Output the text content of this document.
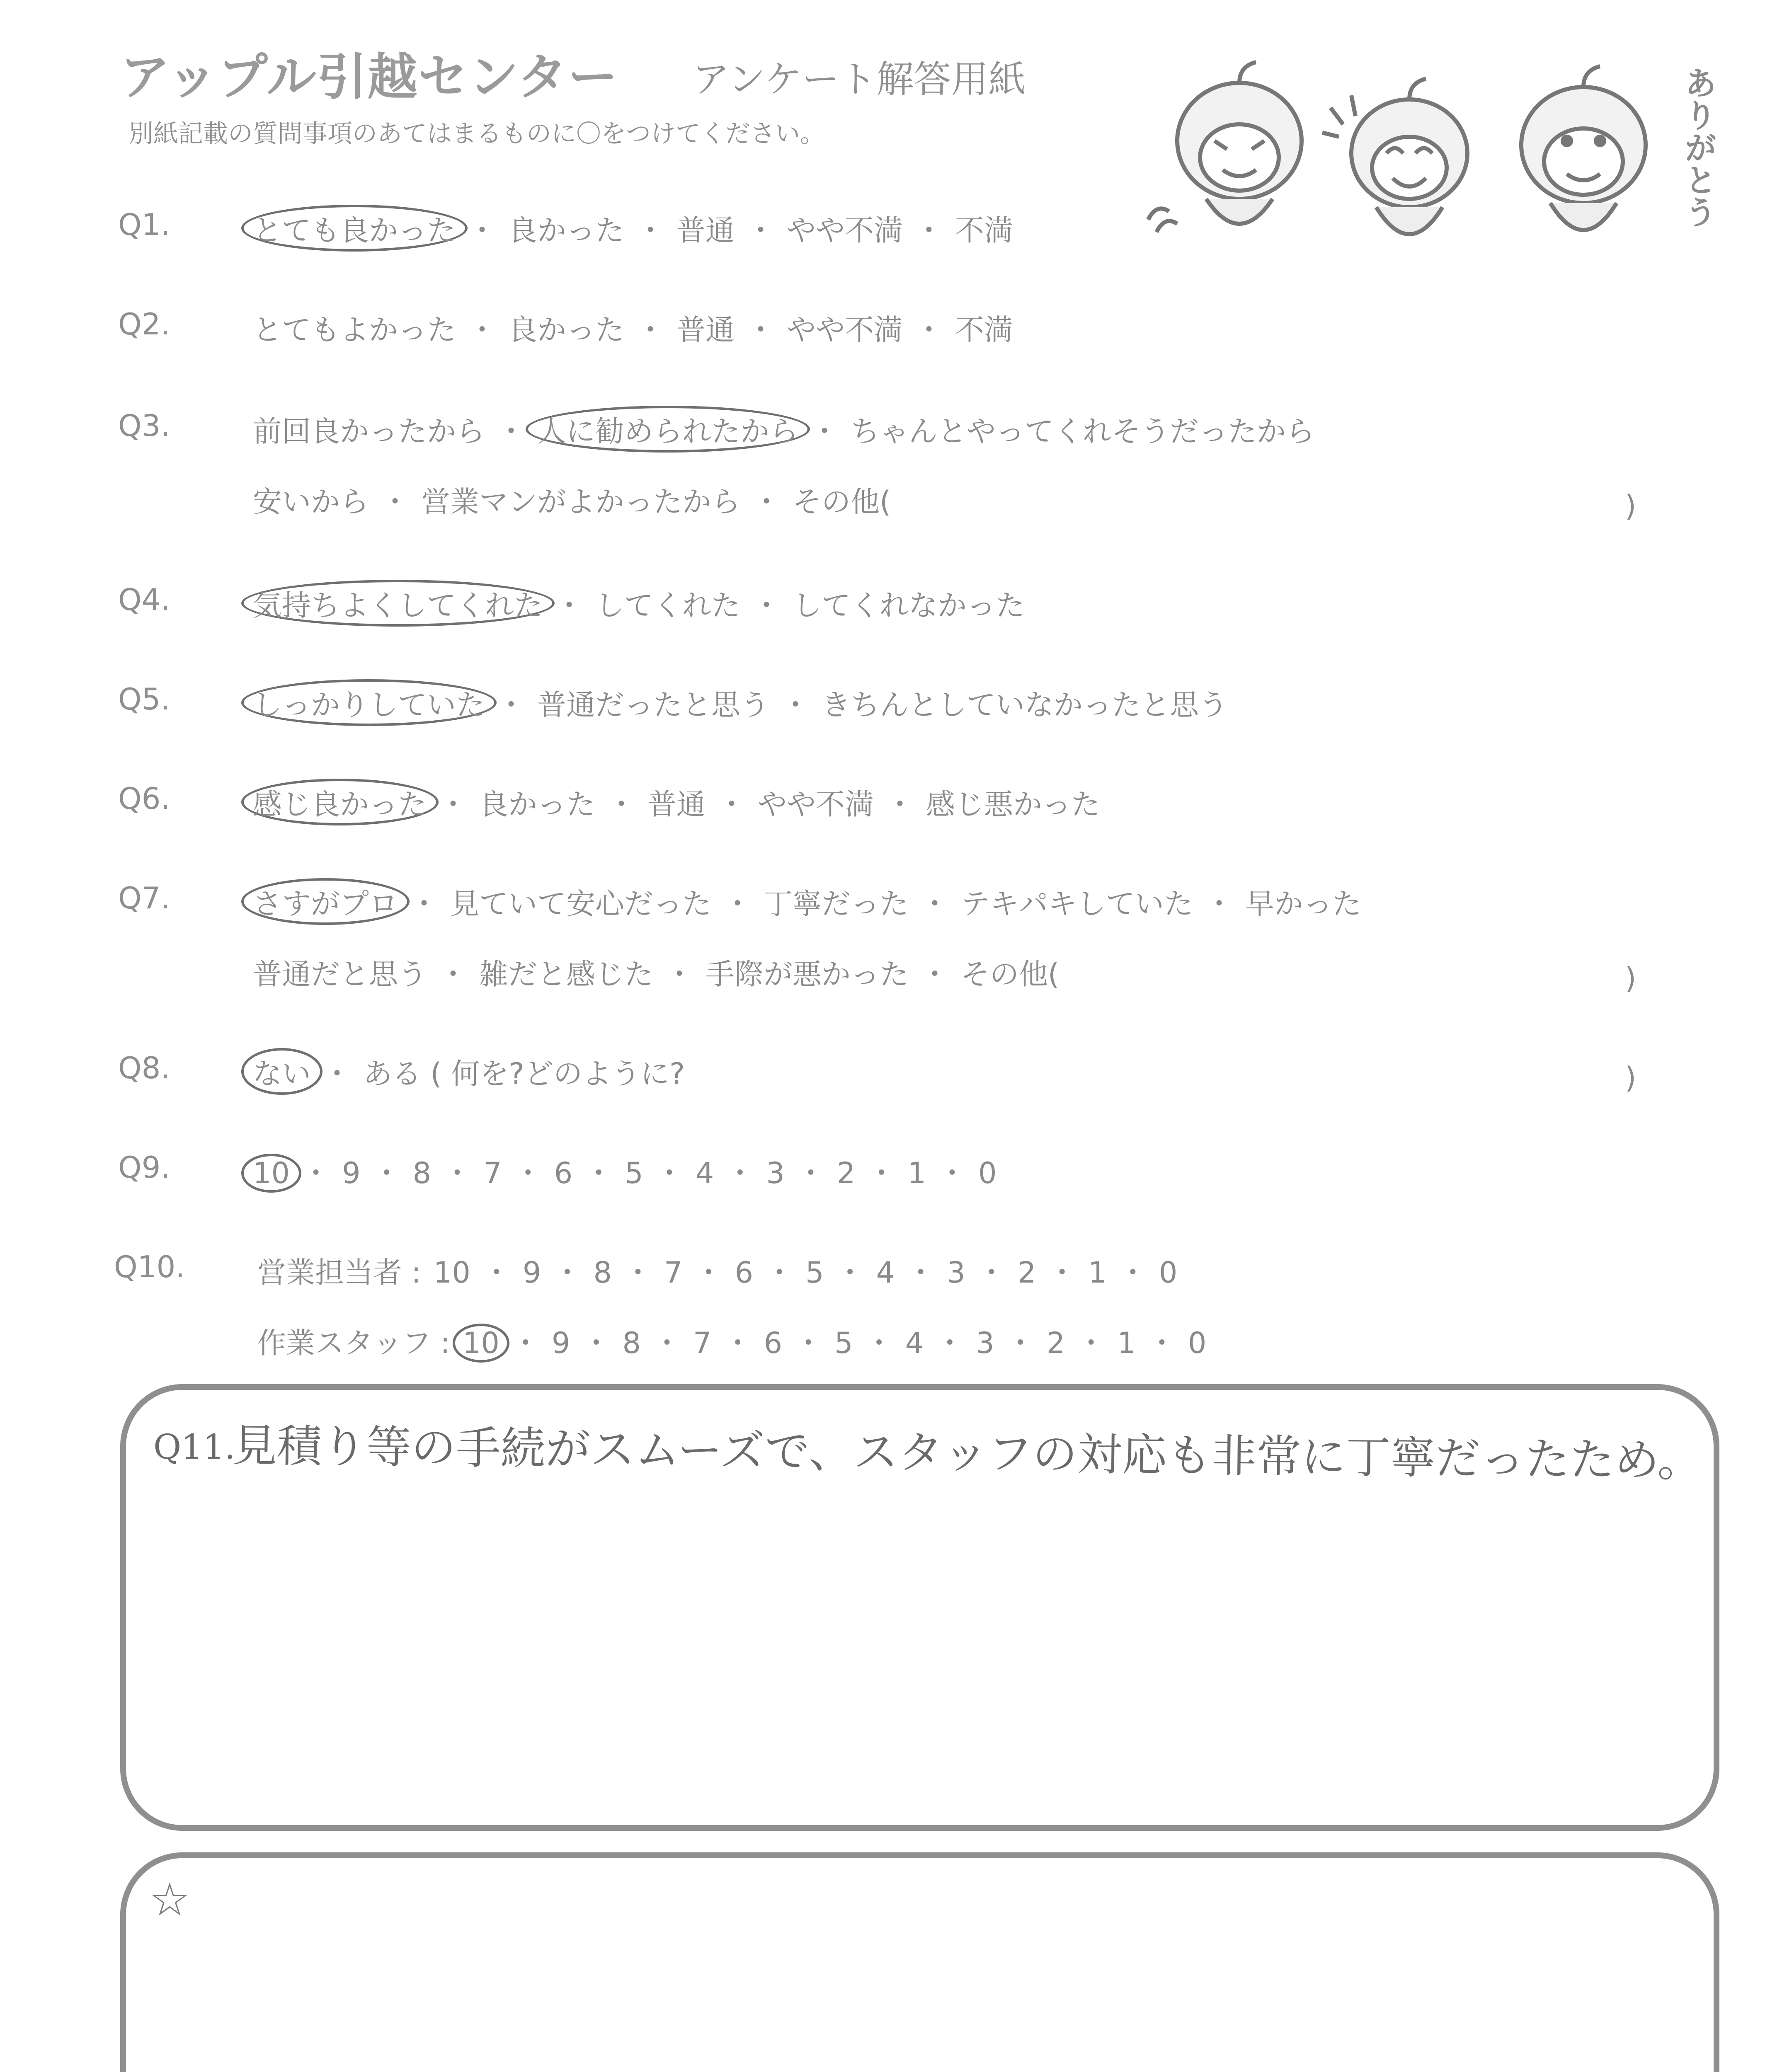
アップル引越センター アンケート解答用紙
別紙記載の質問事項のあてはまるものに〇をつけてください。	ありがとう
Q1.	とても良かった ・ 良かった ・ 普通 ・ やや不満 ・ 不満
Q2.	とてもよかった ・ 良かった ・ 普通 ・ やや不満 ・ 不満
Q3.	前回良かったから ・ 人に勧められたから ・ ちゃんとやってくれそうだったから
安いから ・ 営業マンがよかったから ・ その他(	)
Q4.	気持ちよくしてくれた ・ してくれた ・ してくれなかった
Q5.	しっかりしていた ・ 普通だったと思う ・ きちんとしていなかったと思う
Q6.	感じ良かった ・ 良かった ・ 普通 ・ やや不満 ・ 感じ悪かった
Q7.	さすがプロ ・ 見ていて安心だった ・ 丁寧だった ・ テキパキしていた ・ 早かった
普通だと思う ・ 雑だと感じた ・ 手際が悪かった ・ その他(	)
Q8.	ない ・ ある ( 何を?どのように?	)
Q9.	10 ・ 9 ・ 8 ・ 7 ・ 6 ・ 5 ・ 4 ・ 3 ・ 2 ・ 1 ・ 0
Q10. 営業担当者 : 10 ・ 9 ・ 8 ・ 7 ・ 6 ・ 5 ・ 4 ・ 3 ・ 2 ・ 1 ・ 0
作業スタッフ : 10 ・ 9 ・ 8 ・ 7 ・ 6 ・ 5 ・ 4 ・ 3 ・ 2 ・ 1 ・ 0
Q11.
見積り等の手続がスムーズで、スタッフの対応も非常に丁寧だったため。
☆
